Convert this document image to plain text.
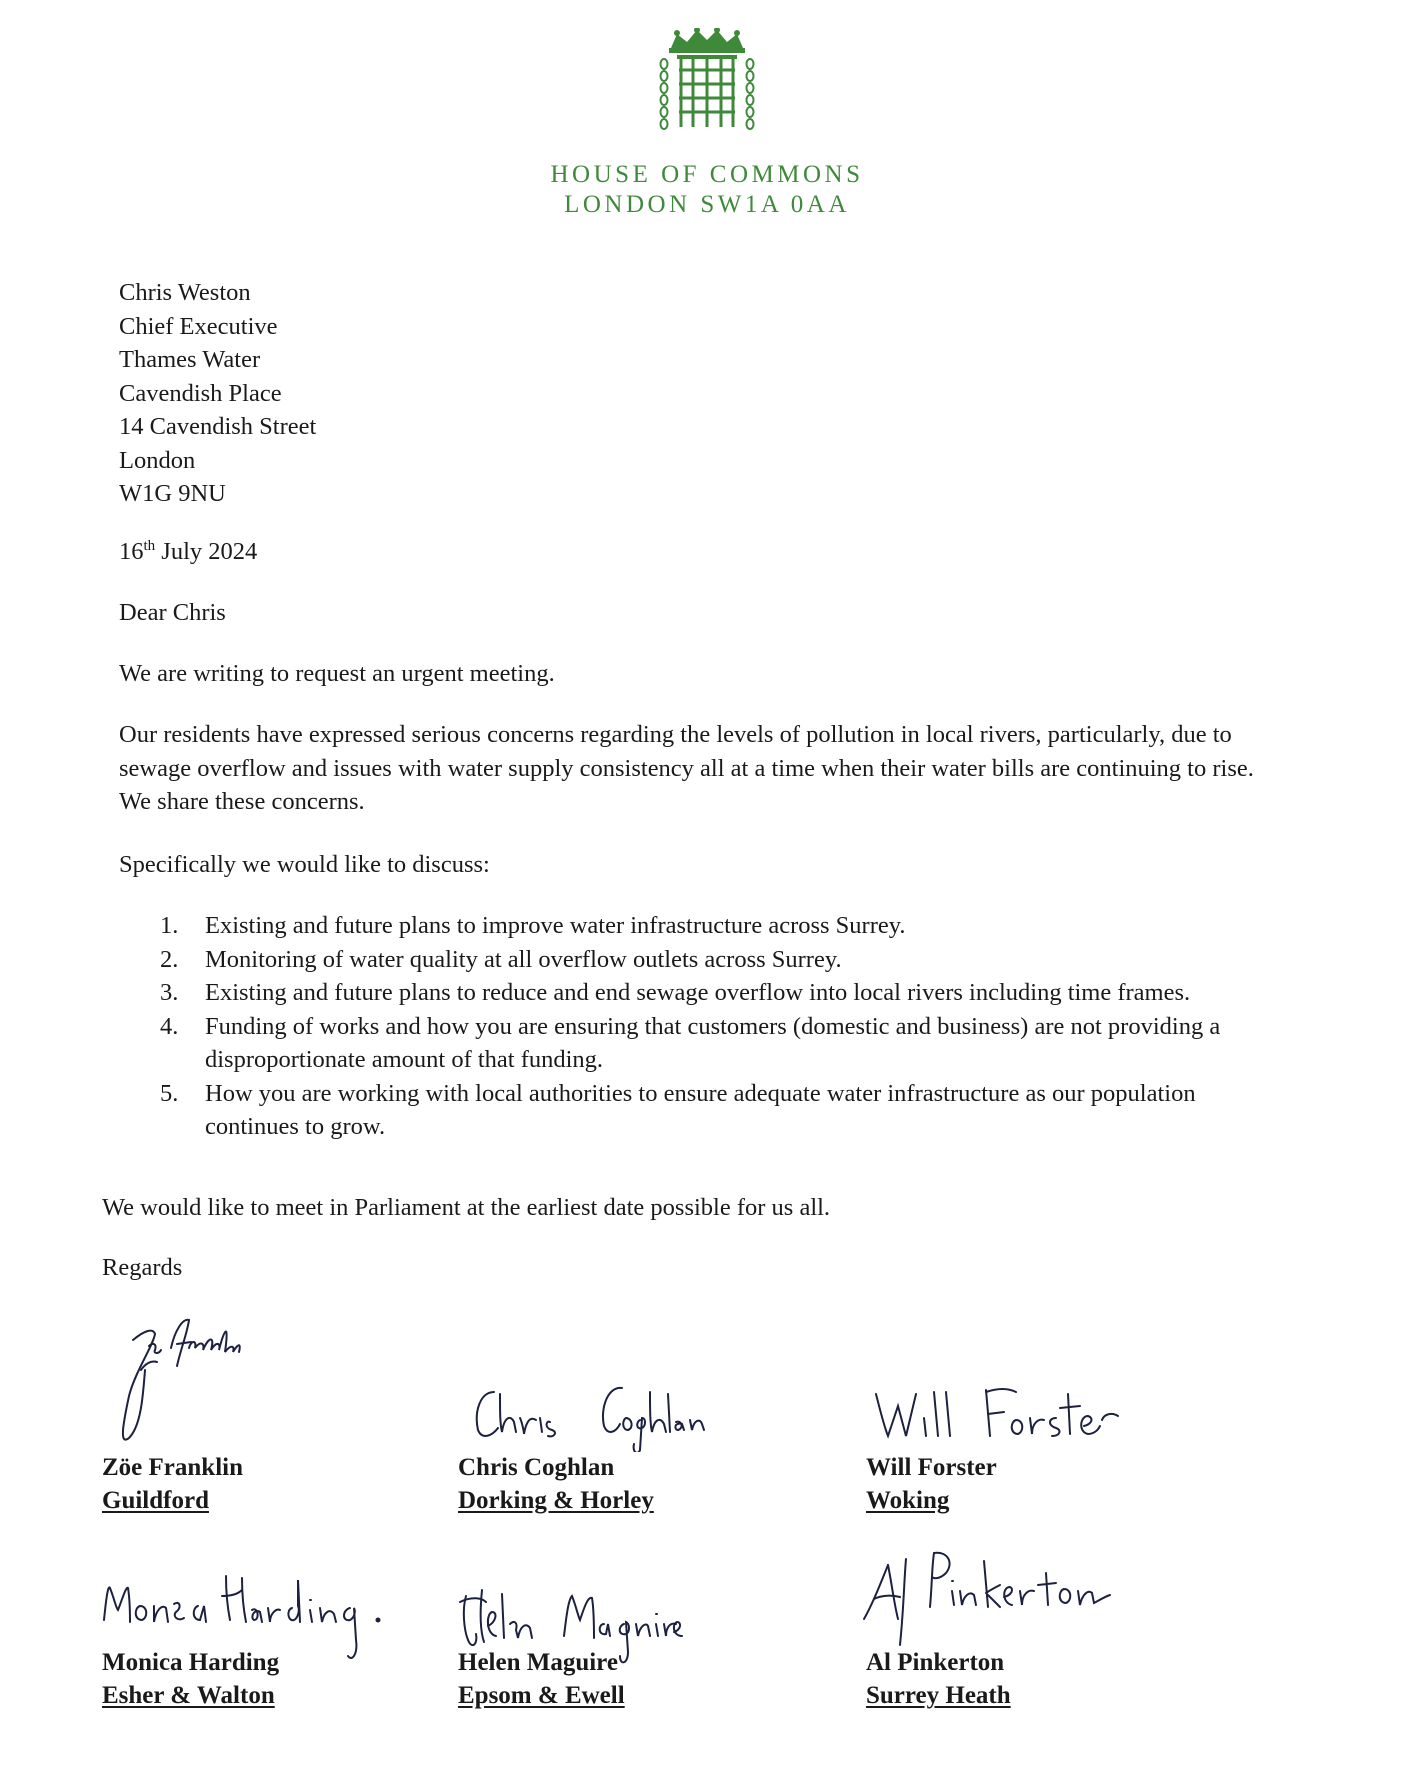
HOUSE OF COMMONS
LONDON SW1A 0AA
Chris Weston
Chief Executive
Thames Water
Cavendish Place
14 Cavendish Street
London
W1G 9NU
16th July 2024
Dear Chris
We are writing to request an urgent meeting.
Our residents have expressed serious concerns regarding the levels of pollution in local rivers, particularly, due to sewage overflow and issues with water supply consistency all at a time when their water bills are continuing to rise. We share these concerns.
Specifically we would like to discuss:
1.	Existing and future plans to improve water infrastructure across Surrey.
2.	Monitoring of water quality at all overflow outlets across Surrey.
3.	Existing and future plans to reduce and end sewage overflow into local rivers including time frames.
4.	Funding of works and how you are ensuring that customers (domestic and business) are not providing a disproportionate amount of that funding.
5.	How you are working with local authorities to ensure adequate water infrastructure as our population continues to grow.
We would like to meet in Parliament at the earliest date possible for us all.
Regards
Zöe Franklin
Guildford
Chris Coghlan
Dorking & Horley
Will Forster
Woking
Monica Harding
Esher & Walton
Helen Maguire
Epsom & Ewell
Al Pinkerton
Surrey Heath
